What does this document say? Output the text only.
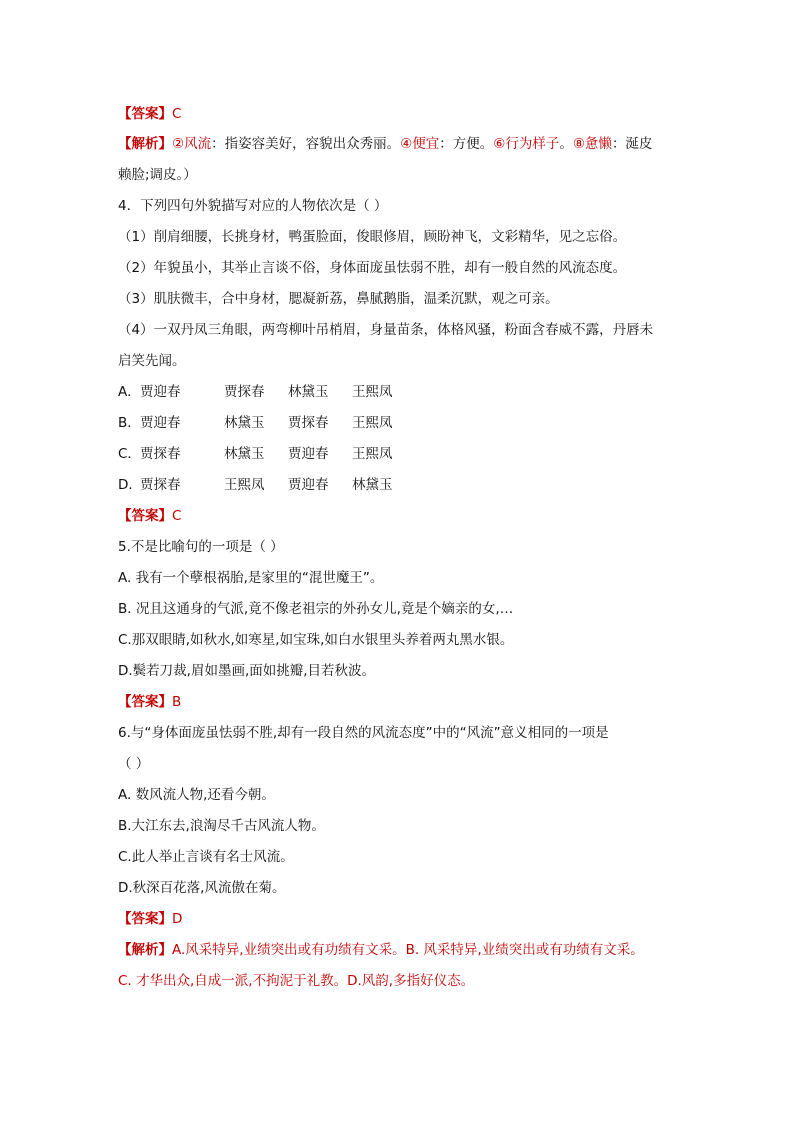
【答案】C
【解析】②风流：指姿容美好，容貌出众秀丽。④便宜：方便。⑥行为样子。⑧惫懒：涎皮
赖脸;调皮。）
4．下列四句外貌描写对应的人物依次是（ ）
（1）削肩细腰，长挑身材，鸭蛋脸面，俊眼修眉，顾盼神飞，文彩精华，见之忘俗。
（2）年貌虽小，其举止言谈不俗，身体面庞虽怯弱不胜，却有一般自然的风流态度。
（3）肌肤微丰，合中身材，腮凝新荔，鼻腻鹅脂，温柔沉默，观之可亲。
（4）一双丹凤三角眼，两弯柳叶吊梢眉，身量苗条，体格风骚，粉面含春威不露，丹唇未
启笑先闻。
A．贾迎春	贾探春 林黛玉 王熙凤
B．贾迎春	林黛玉 贾探春 王熙凤
C．贾探春	林黛玉 贾迎春 王熙凤
D．贾探春	王熙凤 贾迎春 林黛玉
【答案】C
5.不是比喻句的一项是（ ）
A. 我有一个孽根祸胎,是家里的“混世魔王”。
B. 况且这通身的气派,竟不像老祖宗的外孙女儿,竟是个嫡亲的女,…
C.那双眼睛,如秋水,如寒星,如宝珠,如白水银里头养着两丸黑水银。
D.鬓若刀裁,眉如墨画,面如挑瓣,目若秋波。
【答案】B
6.与“身体面庞虽怯弱不胜,却有一段自然的风流态度”中的“风流”意义相同的一项是
（ ）
A. 数风流人物,还看今朝。
B.大江东去,浪淘尽千古风流人物。
C.此人举止言谈有名士风流。
D.秋深百花落,风流傲在菊。
【答案】D
【解析】A.风采特异,业绩突出或有功绩有文采。B. 风采特异,业绩突出或有功绩有文采。
C. 才华出众,自成一派,不拘泥于礼教。D.风韵,多指好仪态。
